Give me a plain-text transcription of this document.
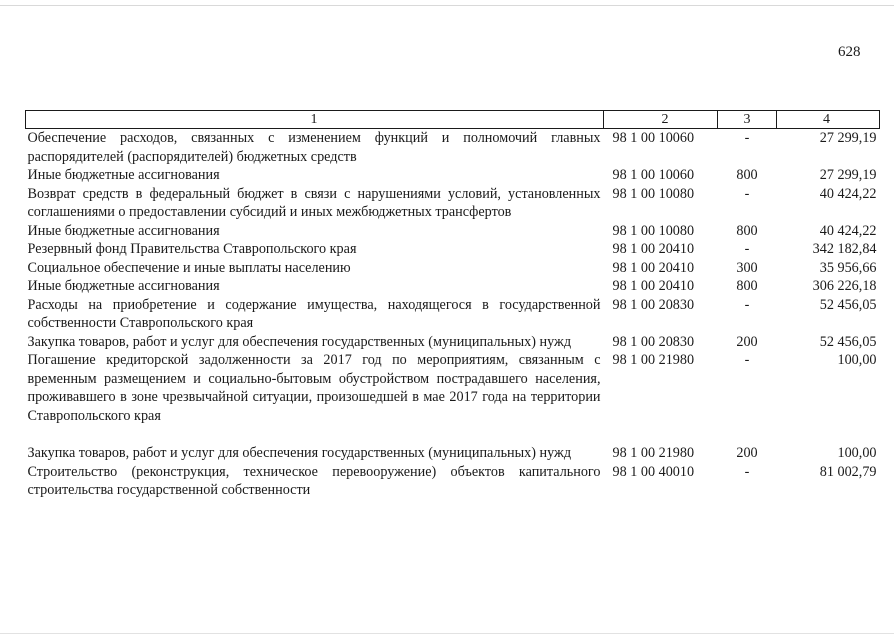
628
1	2	3	4
Обеспечение расходов, связанных с изменением функций и полномочий главных распорядителей (распорядителей) бюджетных средств	98 1 00 10060	-	27 299,19
Иные бюджетные ассигнования	98 1 00 10060	800	27 299,19
Возврат средств в федеральный бюджет в связи с нарушениями условий, установленных соглашениями о предоставлении субсидий и иных межбюджетных трансфертов	98 1 00 10080	-	40 424,22
Иные бюджетные ассигнования	98 1 00 10080	800	40 424,22
Резервный фонд Правительства Ставропольского края	98 1 00 20410	-	342 182,84
Социальное обеспечение и иные выплаты населению	98 1 00 20410	300	35 956,66
Иные бюджетные ассигнования	98 1 00 20410	800	306 226,18
Расходы на приобретение и содержание имущества, находящегося в государственной собственности Ставропольского края	98 1 00 20830	-	52 456,05
Закупка товаров, работ и услуг для обеспечения государственных (муниципальных) нужд	98 1 00 20830	200	52 456,05
Погашение кредиторской задолженности за 2017 год по мероприятиям, связанным с временным размещением и социально-бытовым обустройством пострадавшего населения, проживавшего в зоне чрезвычайной ситуации, произошедшей в мае 2017 года на территории Ставропольского края	98 1 00 21980	-	100,00

Закупка товаров, работ и услуг для обеспечения государственных (муниципальных) нужд	98 1 00 21980	200	100,00
Строительство (реконструкция, техническое перевооружение) объектов капитального строительства государственной собственности	98 1 00 40010	-	81 002,79
